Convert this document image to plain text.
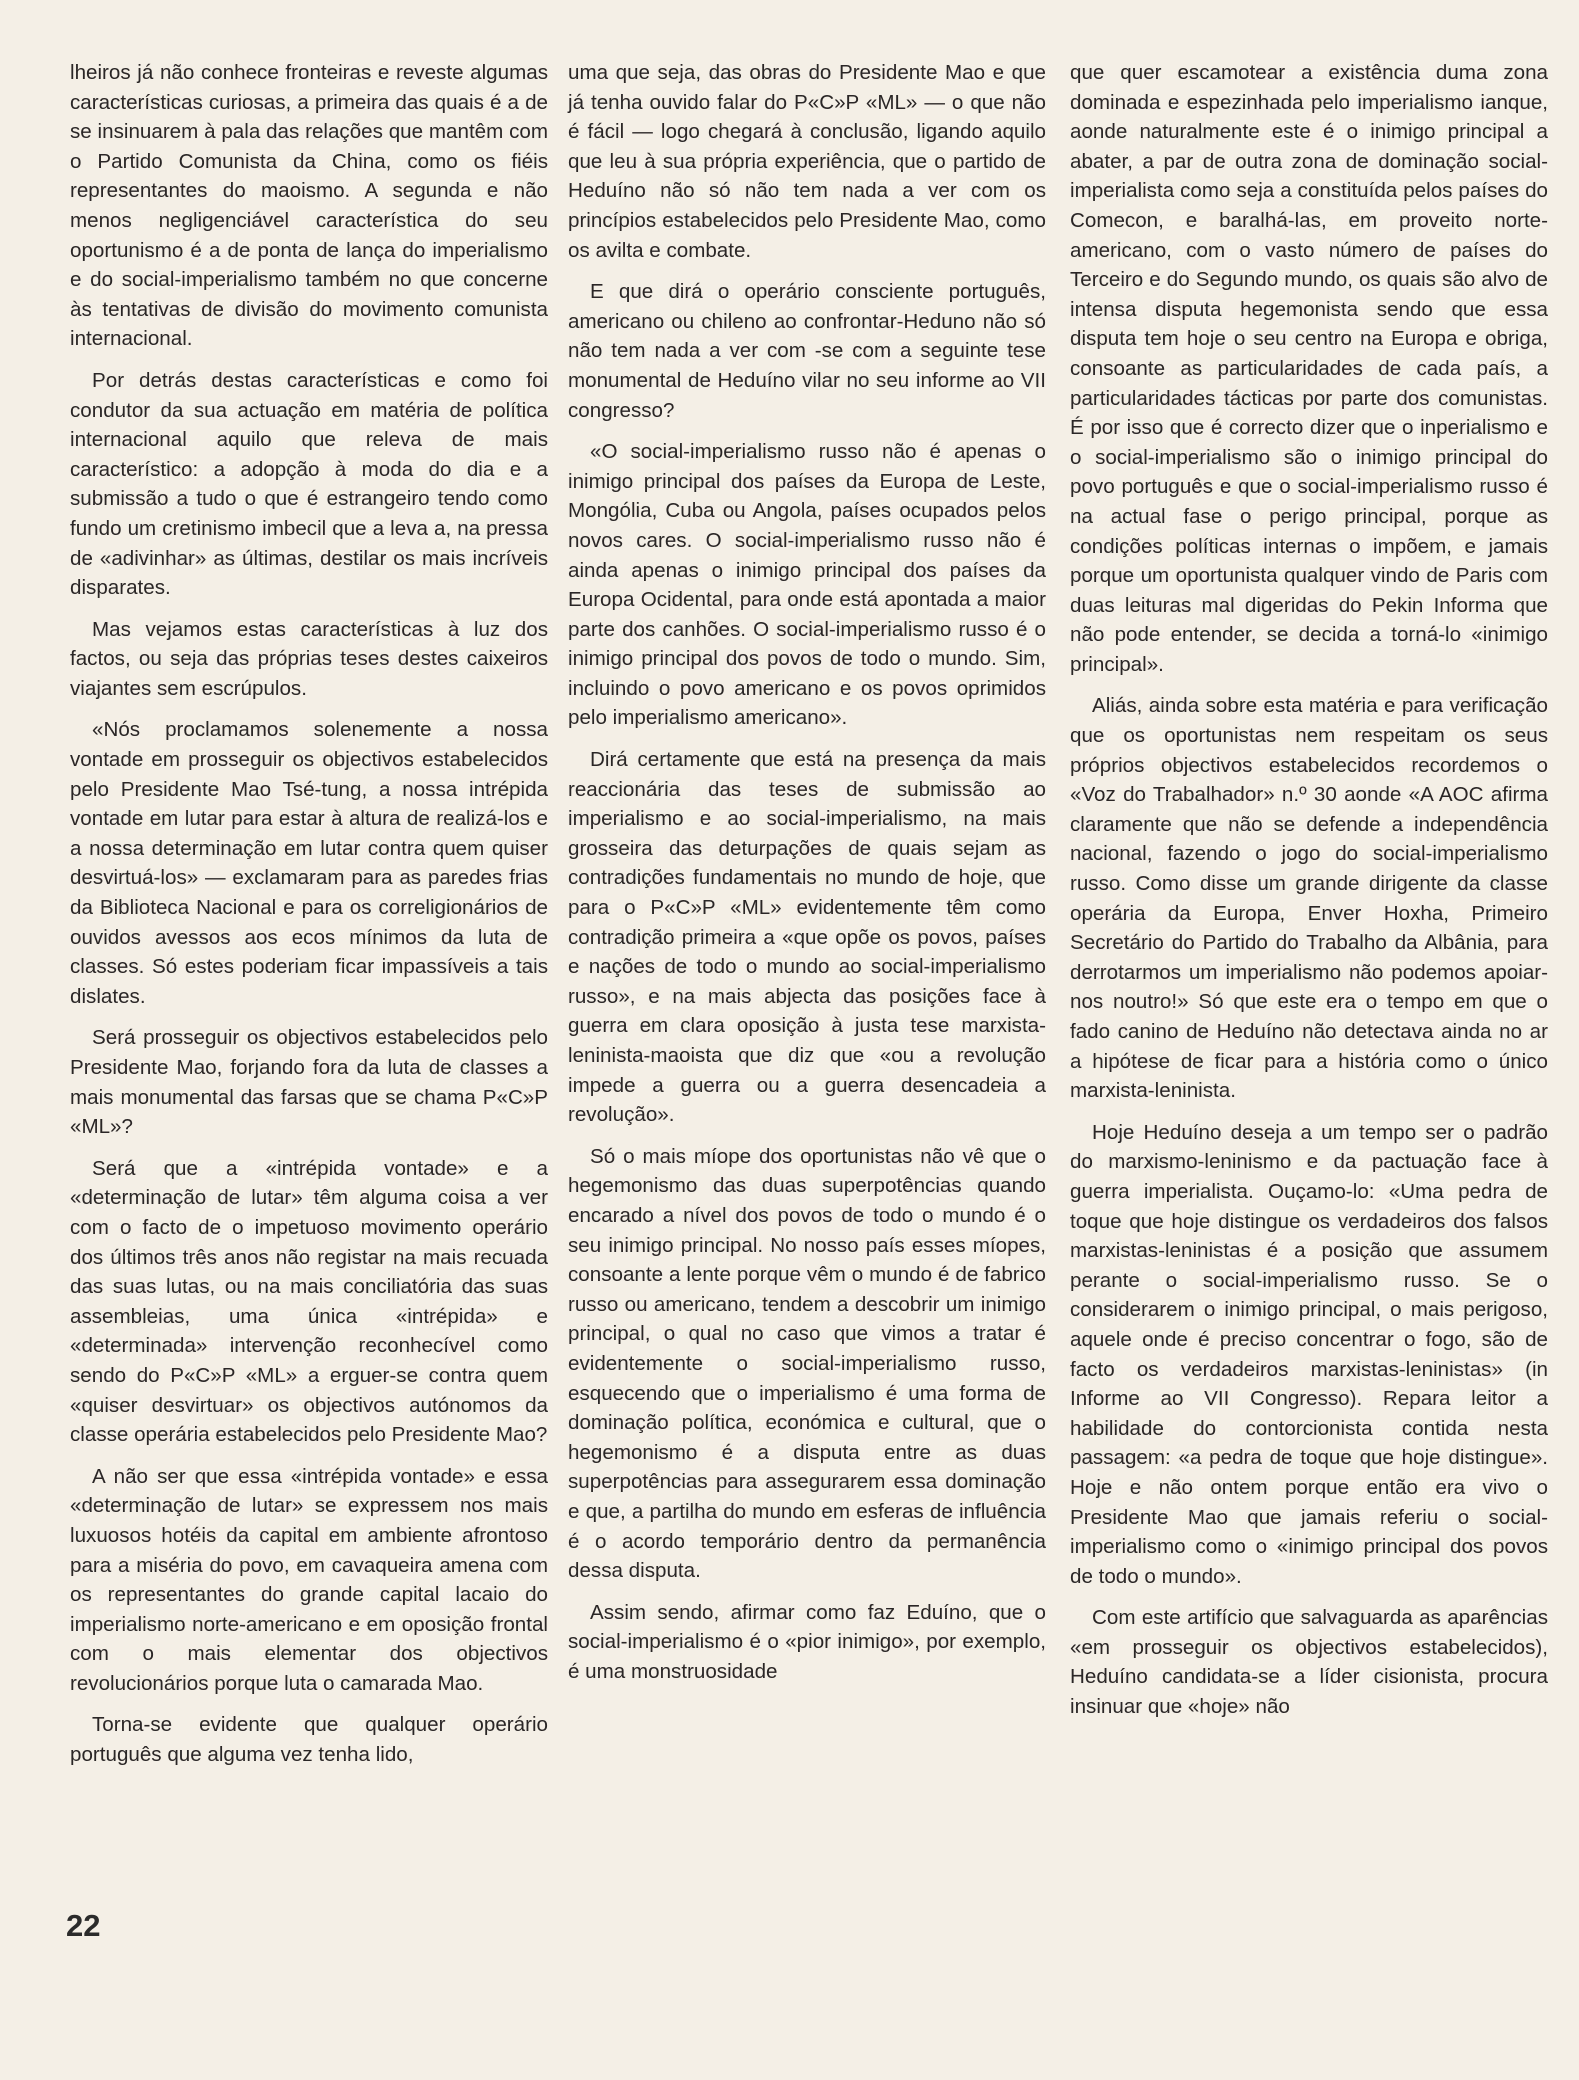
lheiros já não conhece fronteiras e reveste algumas características curiosas, a primeira das quais é a de se insinuarem à pala das relações que mantêm com o Partido Comunista da China, como os fiéis representantes do maoismo. A segunda e não menos negligenciável característica do seu oportunismo é a de ponta de lança do imperialismo e do social-imperialismo também no que concerne às tentativas de divisão do movimento comunista internacional.

Por detrás destas características e como foi condutor da sua actuação em matéria de política internacional aquilo que releva de mais característico: a adopção à moda do dia e a submissão a tudo o que é estrangeiro tendo como fundo um cretinismo imbecil que a leva a, na pressa de «adivinhar» as últimas, destilar os mais incríveis disparates.

Mas vejamos estas características à luz dos factos, ou seja das próprias teses destes caixeiros viajantes sem escrúpulos.

«Nós proclamamos solenemente a nossa vontade em prosseguir os objectivos estabelecidos pelo Presidente Mao Tsé-tung, a nossa intrépida vontade em lutar para estar à altura de realizá-los e a nossa determinação em lutar contra quem quiser desvirtuá-los» — exclamaram para as paredes frias da Biblioteca Nacional e para os correligionários de ouvidos avessos aos ecos mínimos da luta de classes. Só estes poderiam ficar impassíveis a tais dislates.

Será prosseguir os objectivos estabelecidos pelo Presidente Mao, forjando fora da luta de classes a mais monumental das farsas que se chama P«C»P «ML»?

Será que a «intrépida vontade» e a «determinação de lutar» têm alguma coisa a ver com o facto de o impetuoso movimento operário dos últimos três anos não registar na mais recuada das suas lutas, ou na mais conciliatória das suas assembleias, uma única «intrépida» e «determinada» intervenção reconhecível como sendo do P«C»P «ML» a erguer-se contra quem «quiser desvirtuar» os objectivos autónomos da classe operária estabelecidos pelo Presidente Mao?

A não ser que essa «intrépida vontade» e essa «determinação de lutar» se expressem nos mais luxuosos hotéis da capital em ambiente afrontoso para a miséria do povo, em cavaqueira amena com os representantes do grande capital lacaio do imperialismo norte-americano e em oposição frontal com o mais elementar dos objectivos revolucionários porque luta o camarada Mao.

Torna-se evidente que qualquer operário português que alguma vez tenha lido,

uma que seja, das obras do Presidente Mao e que já tenha ouvido falar do P«C»P «ML» — o que não é fácil — logo chegará à conclusão, ligando aquilo que leu à sua própria experiência, que o partido de Heduíno não só não tem nada a ver com os princípios estabelecidos pelo Presidente Mao, como os avilta e combate.

E que dirá o operário consciente português, americano ou chileno ao confrontar-Heduno não só não tem nada a ver com -se com a seguinte tese monumental de Heduíno vilar no seu informe ao VII congresso?

«O social-imperialismo russo não é apenas o inimigo principal dos países da Europa de Leste, Mongólia, Cuba ou Angola, países ocupados pelos novos cares. O social-imperialismo russo não é ainda apenas o inimigo principal dos países da Europa Ocidental, para onde está apontada a maior parte dos canhões. O social-imperialismo russo é o inimigo principal dos povos de todo o mundo. Sim, incluindo o povo americano e os povos oprimidos pelo imperialismo americano».

Dirá certamente que está na presença da mais reaccionária das teses de submissão ao imperialismo e ao social-imperialismo, na mais grosseira das deturpações de quais sejam as contradições fundamentais no mundo de hoje, que para o P«C»P «ML» evidentemente têm como contradição primeira a «que opõe os povos, países e nações de todo o mundo ao social-imperialismo russo», e na mais abjecta das posições face à guerra em clara oposição à justa tese marxista-leninista-maoista que diz que «ou a revolução impede a guerra ou a guerra desencadeia a revolução».

Só o mais míope dos oportunistas não vê que o hegemonismo das duas superpotências quando encarado a nível dos povos de todo o mundo é o seu inimigo principal. No nosso país esses míopes, consoante a lente porque vêm o mundo é de fabrico russo ou americano, tendem a descobrir um inimigo principal, o qual no caso que vimos a tratar é evidentemente o social-imperialismo russo, esquecendo que o imperialismo é uma forma de dominação política, económica e cultural, que o hegemonismo é a disputa entre as duas superpotências para assegurarem essa dominação e que, a partilha do mundo em esferas de influência é o acordo temporário dentro da permanência dessa disputa.

Assim sendo, afirmar como faz Eduíno, que o social-imperialismo é o «pior inimigo», por exemplo, é uma monstruosidade

que quer escamotear a existência duma zona dominada e espezinhada pelo imperialismo ianque, aonde naturalmente este é o inimigo principal a abater, a par de outra zona de dominação social-imperialista como seja a constituída pelos países do Comecon, e baralhá-las, em proveito norte-americano, com o vasto número de países do Terceiro e do Segundo mundo, os quais são alvo de intensa disputa hegemonista sendo que essa disputa tem hoje o seu centro na Europa e obriga, consoante as particularidades de cada país, a particularidades tácticas por parte dos comunistas. É por isso que é correcto dizer que o inperialismo e o social-imperialismo são o inimigo principal do povo português e que o social-imperialismo russo é na actual fase o perigo principal, porque as condições políticas internas o impõem, e jamais porque um oportunista qualquer vindo de Paris com duas leituras mal digeridas do Pekin Informa que não pode entender, se decida a torná-lo «inimigo principal».

Aliás, ainda sobre esta matéria e para verificação que os oportunistas nem respeitam os seus próprios objectivos estabelecidos recordemos o «Voz do Trabalhador» n.º 30 aonde «A AOC afirma claramente que não se defende a independência nacional, fazendo o jogo do social-imperialismo russo. Como disse um grande dirigente da classe operária da Europa, Enver Hoxha, Primeiro Secretário do Partido do Trabalho da Albânia, para derrotarmos um imperialismo não podemos apoiar-nos noutro!» Só que este era o tempo em que o fado canino de Heduíno não detectava ainda no ar a hipótese de ficar para a história como o único marxista-leninista.

Hoje Heduíno deseja a um tempo ser o padrão do marxismo-leninismo e da pactuação face à guerra imperialista. Ouçamo-lo: «Uma pedra de toque que hoje distingue os verdadeiros dos falsos marxistas-leninistas é a posição que assumem perante o social-imperialismo russo. Se o considerarem o inimigo principal, o mais perigoso, aquele onde é preciso concentrar o fogo, são de facto os verdadeiros marxistas-leninistas» (in Informe ao VII Congresso). Repara leitor a habilidade do contorcionista contida nesta passagem: «a pedra de toque que hoje distingue». Hoje e não ontem porque então era vivo o Presidente Mao que jamais referiu o social-imperialismo como o «inimigo principal dos povos de todo o mundo».

Com este artifício que salvaguarda as aparências «em prosseguir os objectivos estabelecidos), Heduíno candidata-se a líder cisionista, procura insinuar que «hoje» não

22
